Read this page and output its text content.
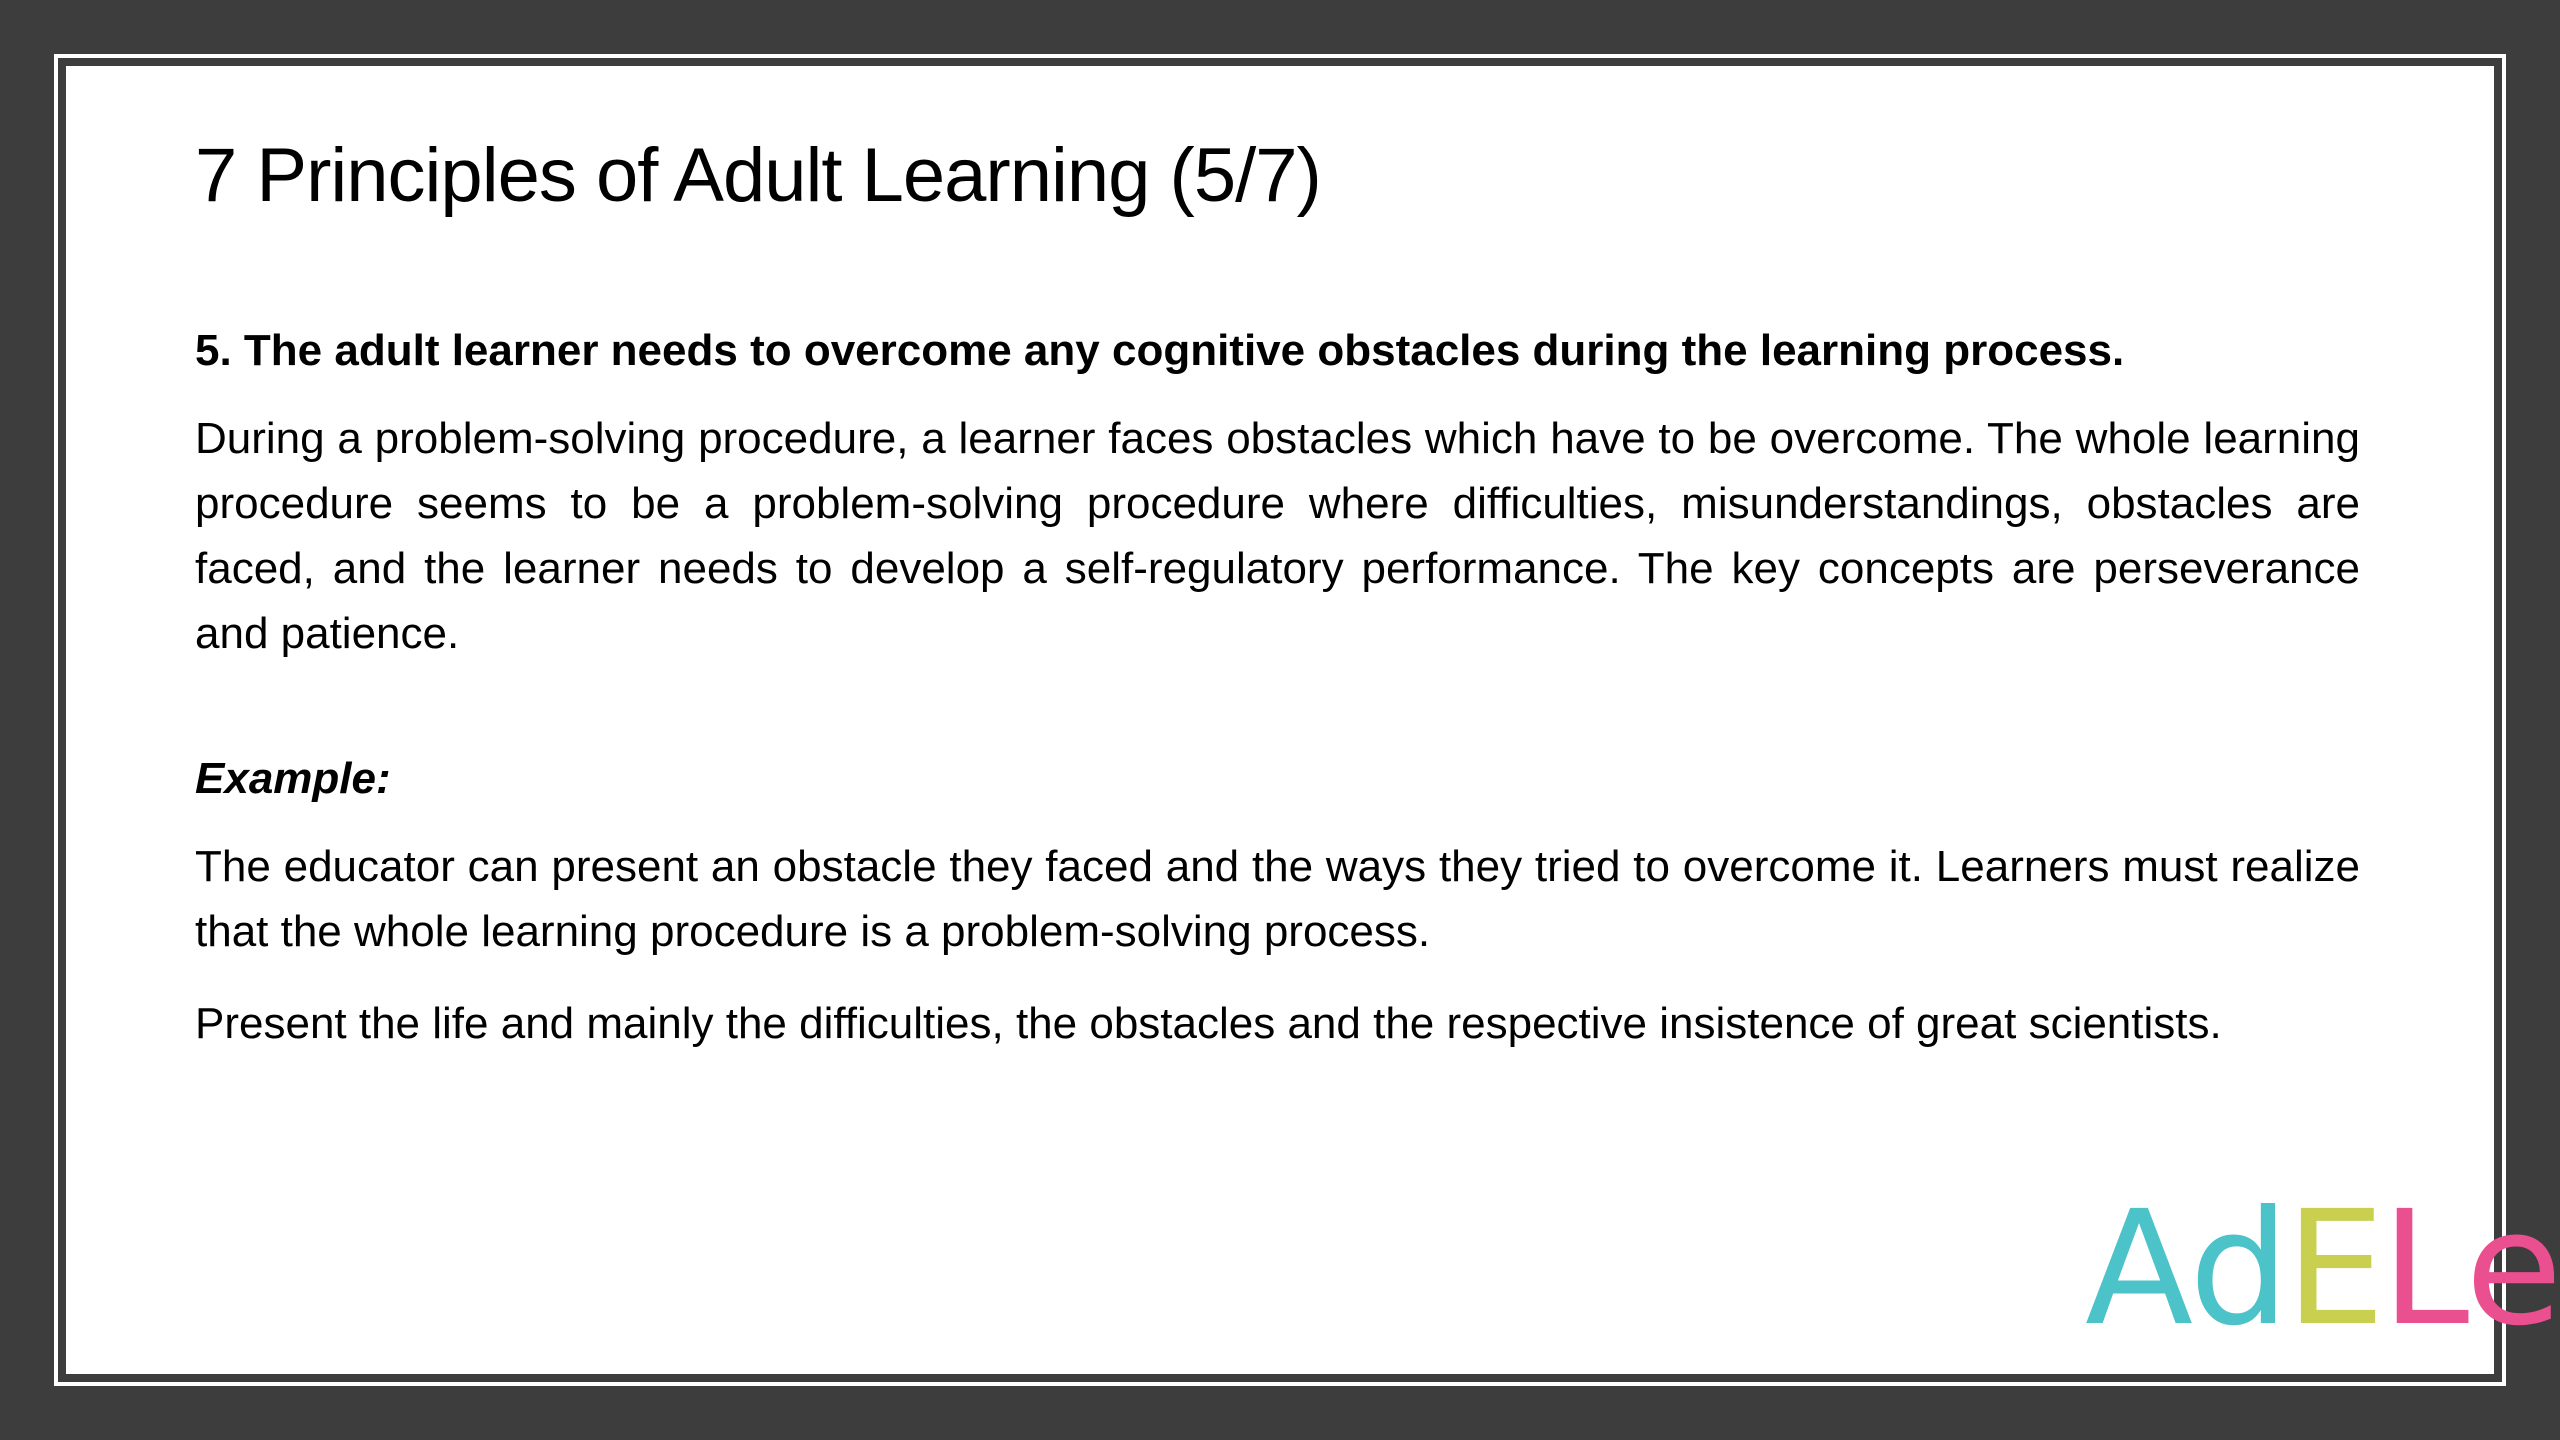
7 Principles of Adult Learning (5/7)

5. The adult learner needs to overcome any cognitive obstacles during the learning process.

During a problem-solving procedure, a learner faces obstacles which have to be overcome. The whole learning procedure seems to be a problem-solving procedure where difficulties, misunderstandings, obstacles are faced, and the learner needs to develop a self-regulatory performance. The key concepts are perseverance and patience.

Example:

The educator can present an obstacle they faced and the ways they tried to overcome it. Learners must realize that the whole learning procedure is a problem-solving process.

Present the life and mainly the difficulties, the obstacles and the respective insistence of great scientists.

AdELe
